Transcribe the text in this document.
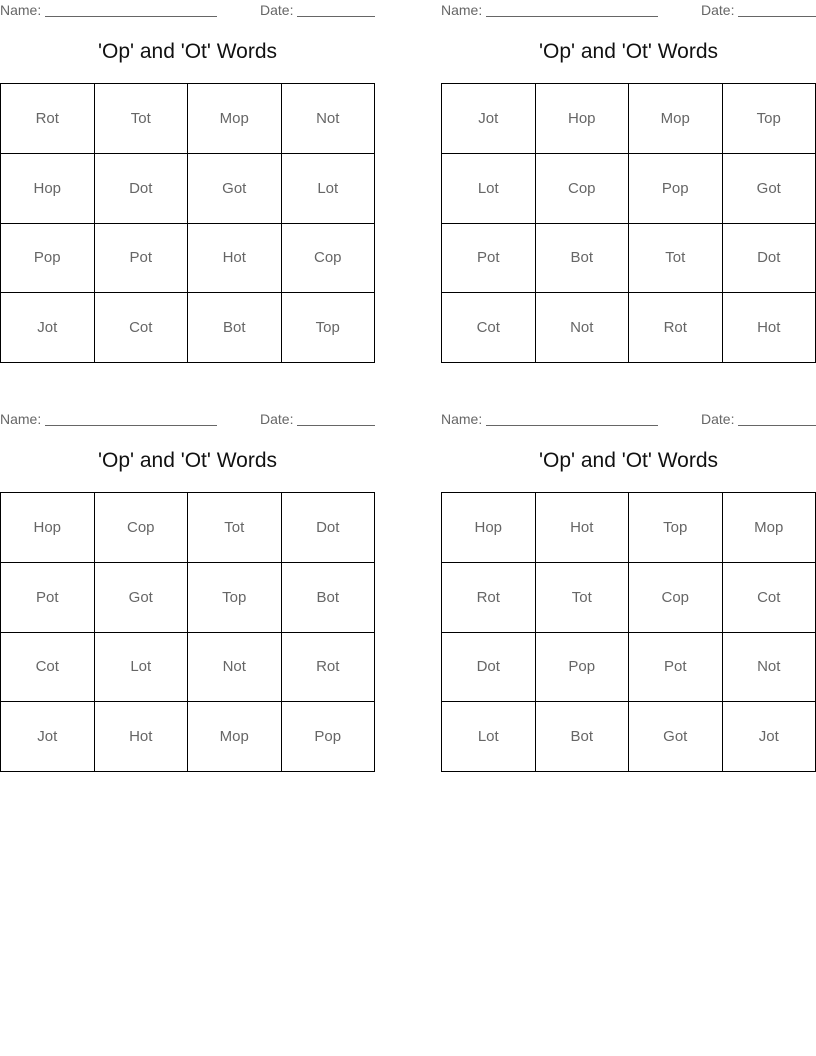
Name:	Date:
'Op' and 'Ot' Words
Rot	Tot	Mop	Not
Hop	Dot	Got	Lot
Pop	Pot	Hot	Cop
Jot	Cot	Bot	Top
Name:	Date:
'Op' and 'Ot' Words
Jot	Hop	Mop	Top
Lot	Cop	Pop	Got
Pot	Bot	Tot	Dot
Cot	Not	Rot	Hot
Name:	Date:
'Op' and 'Ot' Words
Hop	Cop	Tot	Dot
Pot	Got	Top	Bot
Cot	Lot	Not	Rot
Jot	Hot	Mop	Pop
Name:	Date:
'Op' and 'Ot' Words
Hop	Hot	Top	Mop
Rot	Tot	Cop	Cot
Dot	Pop	Pot	Not
Lot	Bot	Got	Jot
